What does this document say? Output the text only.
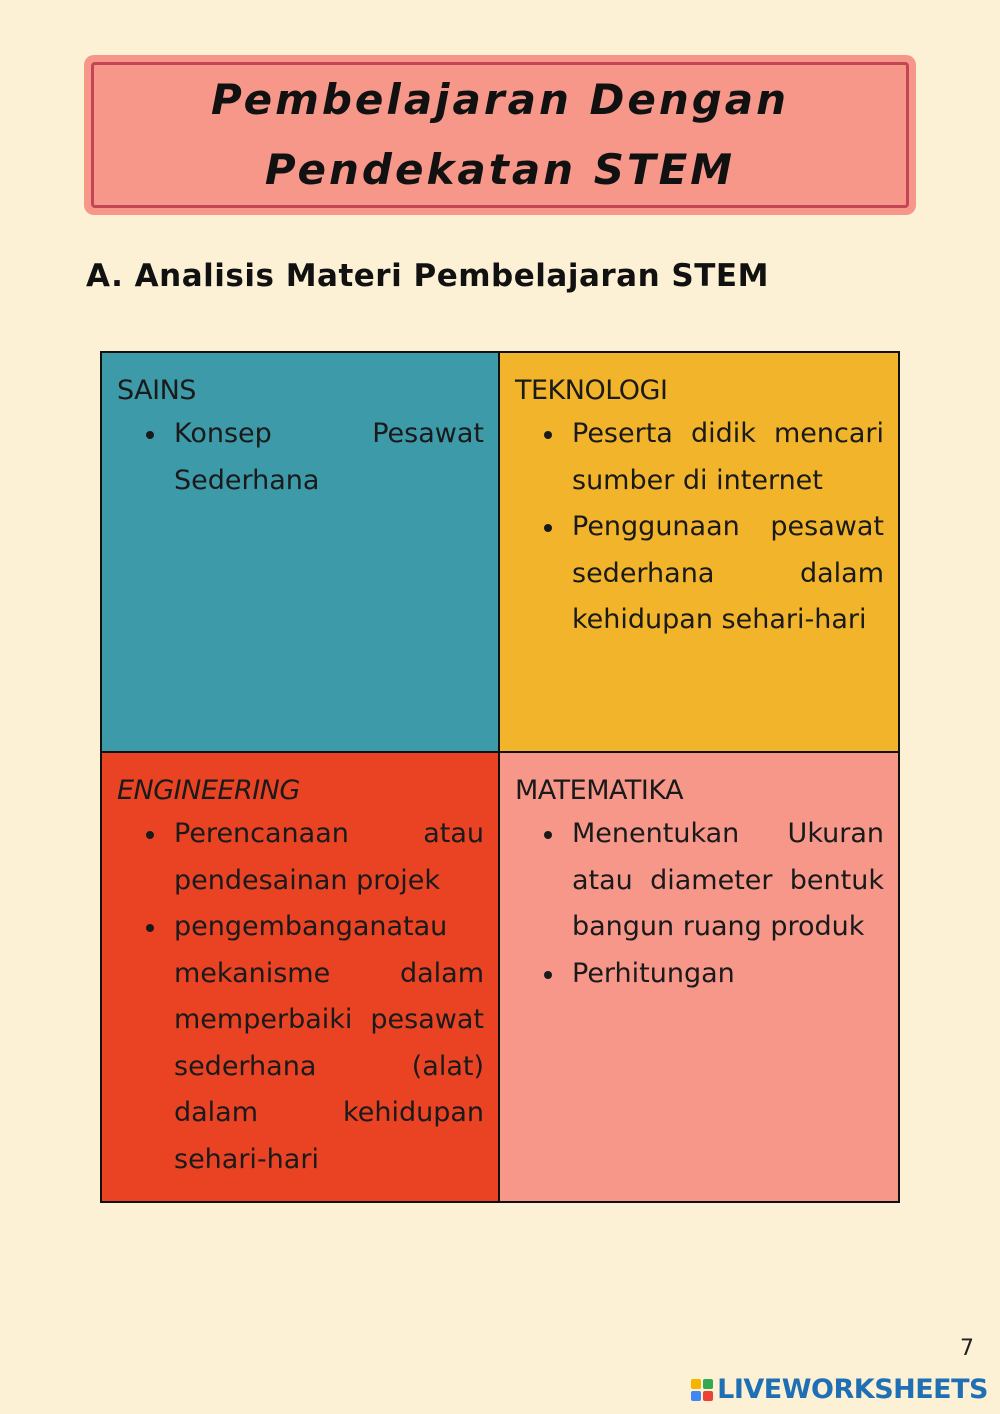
Pembelajaran Dengan
Pendekatan STEM
A. Analisis Materi Pembelajaran STEM

SAINS

Konsep Pesawat Sederhana

TEKNOLOGI

Peserta didik mencari sumber di internet
Penggunaan pesawat sederhana dalam kehidupan sehari-hari

ENGINEERING

Perencanaan atau pendesainan projek
pengembanganatau mekanisme dalam memperbaiki pesawat sederhana (alat) dalam kehidupan sehari-hari

MATEMATIKA

Menentukan Ukuran atau diameter bentuk bangun ruang produk
Perhitungan
7
LIVEWORKSHEETS
